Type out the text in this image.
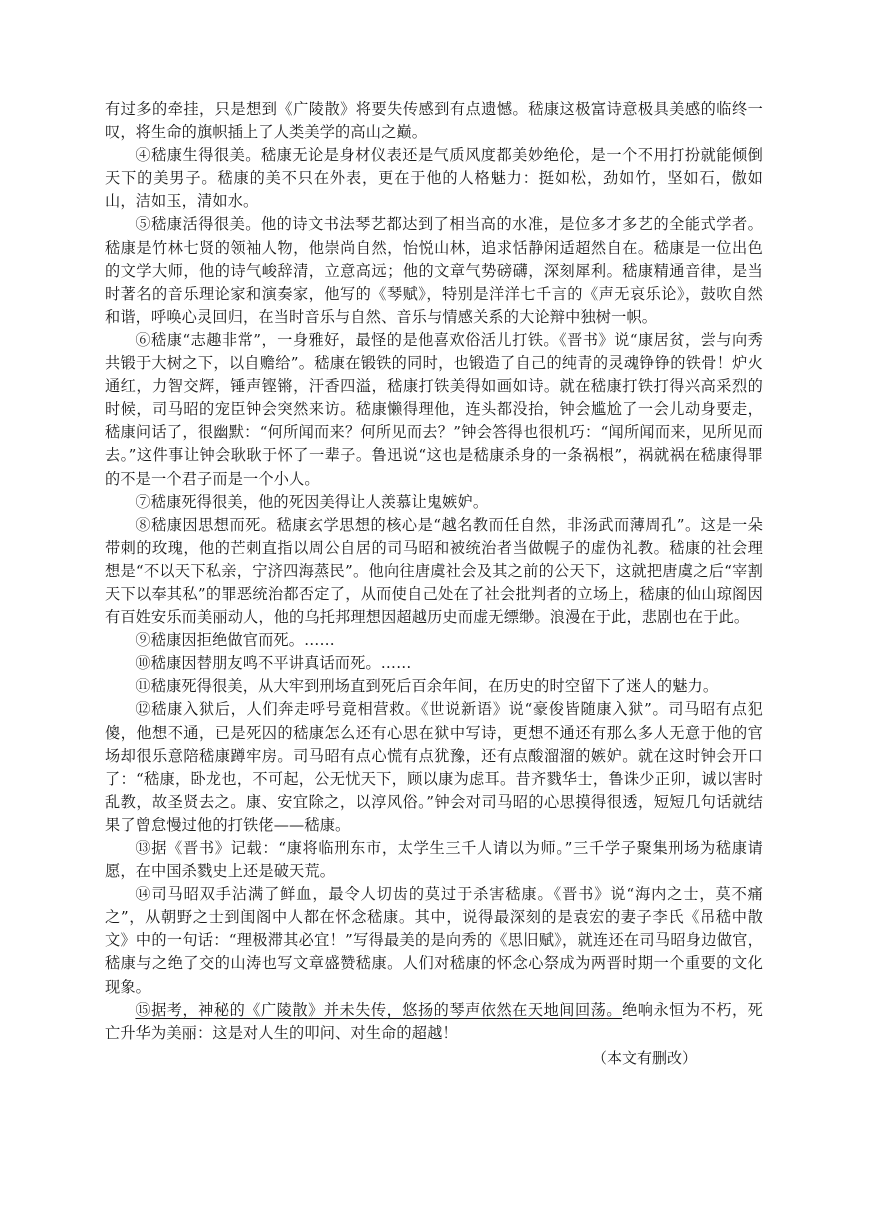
有过多的牵挂，只是想到《广陵散》将要失传感到有点遗憾。嵇康这极富诗意极具美感的临终一叹，将生命的旗帜插上了人类美学的高山之巅。

④嵇康生得很美。嵇康无论是身材仪表还是气质风度都美妙绝伦，是一个不用打扮就能倾倒天下的美男子。嵇康的美不只在外表，更在于他的人格魅力：挺如松，劲如竹，坚如石，傲如山，洁如玉，清如水。

⑤嵇康活得很美。他的诗文书法琴艺都达到了相当高的水准，是位多才多艺的全能式学者。嵇康是竹林七贤的领袖人物，他崇尚自然，怡悦山林，追求恬静闲适超然自在。嵇康是一位出色的文学大师，他的诗气峻辞清，立意高远；他的文章气势磅礴，深刻犀利。嵇康精通音律，是当时著名的音乐理论家和演奏家，他写的《琴赋》，特别是洋洋七千言的《声无哀乐论》，鼓吹自然和谐，呼唤心灵回归，在当时音乐与自然、音乐与情感关系的大论辩中独树一帜。

⑥嵇康“志趣非常”，一身雅好，最怪的是他喜欢俗活儿打铁。《晋书》说“康居贫，尝与向秀共锻于大树之下，以自赡给”。嵇康在锻铁的同时，也锻造了自己的纯青的灵魂铮铮的铁骨！炉火通红，力智交辉，锤声铿锵，汗香四溢，嵇康打铁美得如画如诗。就在嵇康打铁打得兴高采烈的时候，司马昭的宠臣钟会突然来访。嵇康懒得理他，连头都没抬，钟会尴尬了一会儿动身要走，嵇康问话了，很幽默：“何所闻而来？何所见而去？”钟会答得也很机巧：“闻所闻而来，见所见而去。”这件事让钟会耿耿于怀了一辈子。鲁迅说“这也是嵇康杀身的一条祸根”，祸就祸在嵇康得罪的不是一个君子而是一个小人。

⑦嵇康死得很美，他的死因美得让人羡慕让鬼嫉妒。

⑧嵇康因思想而死。嵇康玄学思想的核心是“越名教而任自然，非汤武而薄周孔”。这是一朵带刺的玫瑰，他的芒刺直指以周公自居的司马昭和被统治者当做幌子的虚伪礼教。嵇康的社会理想是“不以天下私亲，宁济四海蒸民”。他向往唐虞社会及其之前的公天下，这就把唐虞之后“宰割天下以奉其私”的罪恶统治都否定了，从而使自己处在了社会批判者的立场上，嵇康的仙山琼阁因有百姓安乐而美丽动人，他的乌托邦理想因超越历史而虚无缥缈。浪漫在于此，悲剧也在于此。

⑨嵇康因拒绝做官而死。……

⑩嵇康因替朋友鸣不平讲真话而死。……

⑪嵇康死得很美，从大牢到刑场直到死后百余年间，在历史的时空留下了迷人的魅力。

⑫嵇康入狱后，人们奔走呼号竟相营救。《世说新语》说“豪俊皆随康入狱”。司马昭有点犯傻，他想不通，已是死囚的嵇康怎么还有心思在狱中写诗，更想不通还有那么多人无意于他的官场却很乐意陪嵇康蹲牢房。司马昭有点心慌有点犹豫，还有点酸溜溜的嫉妒。就在这时钟会开口了：“嵇康，卧龙也，不可起，公无忧天下，顾以康为虑耳。昔齐戮华士，鲁诛少正卯，诚以害时乱教，故圣贤去之。康、安宜除之，以淳风俗。”钟会对司马昭的心思摸得很透，短短几句话就结果了曾怠慢过他的打铁佬——嵇康。

⑬据《晋书》记载：“康将临刑东市，太学生三千人请以为师。”三千学子聚集刑场为嵇康请愿，在中国杀戮史上还是破天荒。

⑭司马昭双手沾满了鲜血，最令人切齿的莫过于杀害嵇康。《晋书》说“海内之士，莫不痛之”，从朝野之士到闺阁中人都在怀念嵇康。其中，说得最深刻的是袁宏的妻子李氏《吊嵇中散文》中的一句话：“理极滞其必宜！”写得最美的是向秀的《思旧赋》，就连还在司马昭身边做官，嵇康与之绝了交的山涛也写文章盛赞嵇康。人们对嵇康的怀念心祭成为两晋时期一个重要的文化现象。

⑮据考，神秘的《广陵散》并未失传，悠扬的琴声依然在天地间回荡。绝响永恒为不朽，死亡升华为美丽：这是对人生的叩问、对生命的超越！

（本文有删改）
